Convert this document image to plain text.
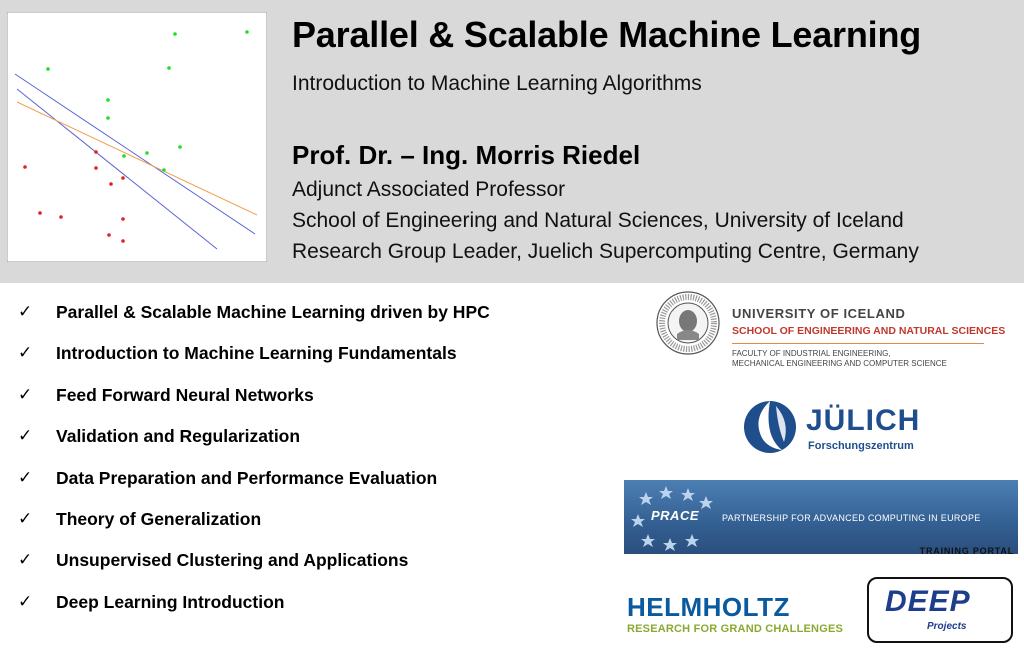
Parallel & Scalable Machine Learning
Introduction to Machine Learning Algorithms
Prof. Dr. – Ing. Morris Riedel
Adjunct Associated Professor
School of Engineering and Natural Sciences, University of Iceland
Research Group Leader, Juelich Supercomputing Centre, Germany
✓	Parallel & Scalable Machine Learning driven by HPC
✓	Introduction to Machine Learning Fundamentals
✓	Feed Forward Neural Networks
✓	Validation and Regularization
✓	Data Preparation and Performance Evaluation
✓	Theory of Generalization
✓	Unsupervised Clustering and Applications
✓	Deep Learning Introduction
UNIVERSITY OF ICELAND
SCHOOL OF ENGINEERING AND NATURAL SCIENCES
FACULTY OF INDUSTRIAL ENGINEERING,
MECHANICAL ENGINEERING AND COMPUTER SCIENCE
JÜLICH
Forschungszentrum
PRACE	PARTNERSHIP FOR ADVANCED COMPUTING IN EUROPE
TRAINING PORTAL
HELMHOLTZ
RESEARCH FOR GRAND CHALLENGES
DEEP
Projects
